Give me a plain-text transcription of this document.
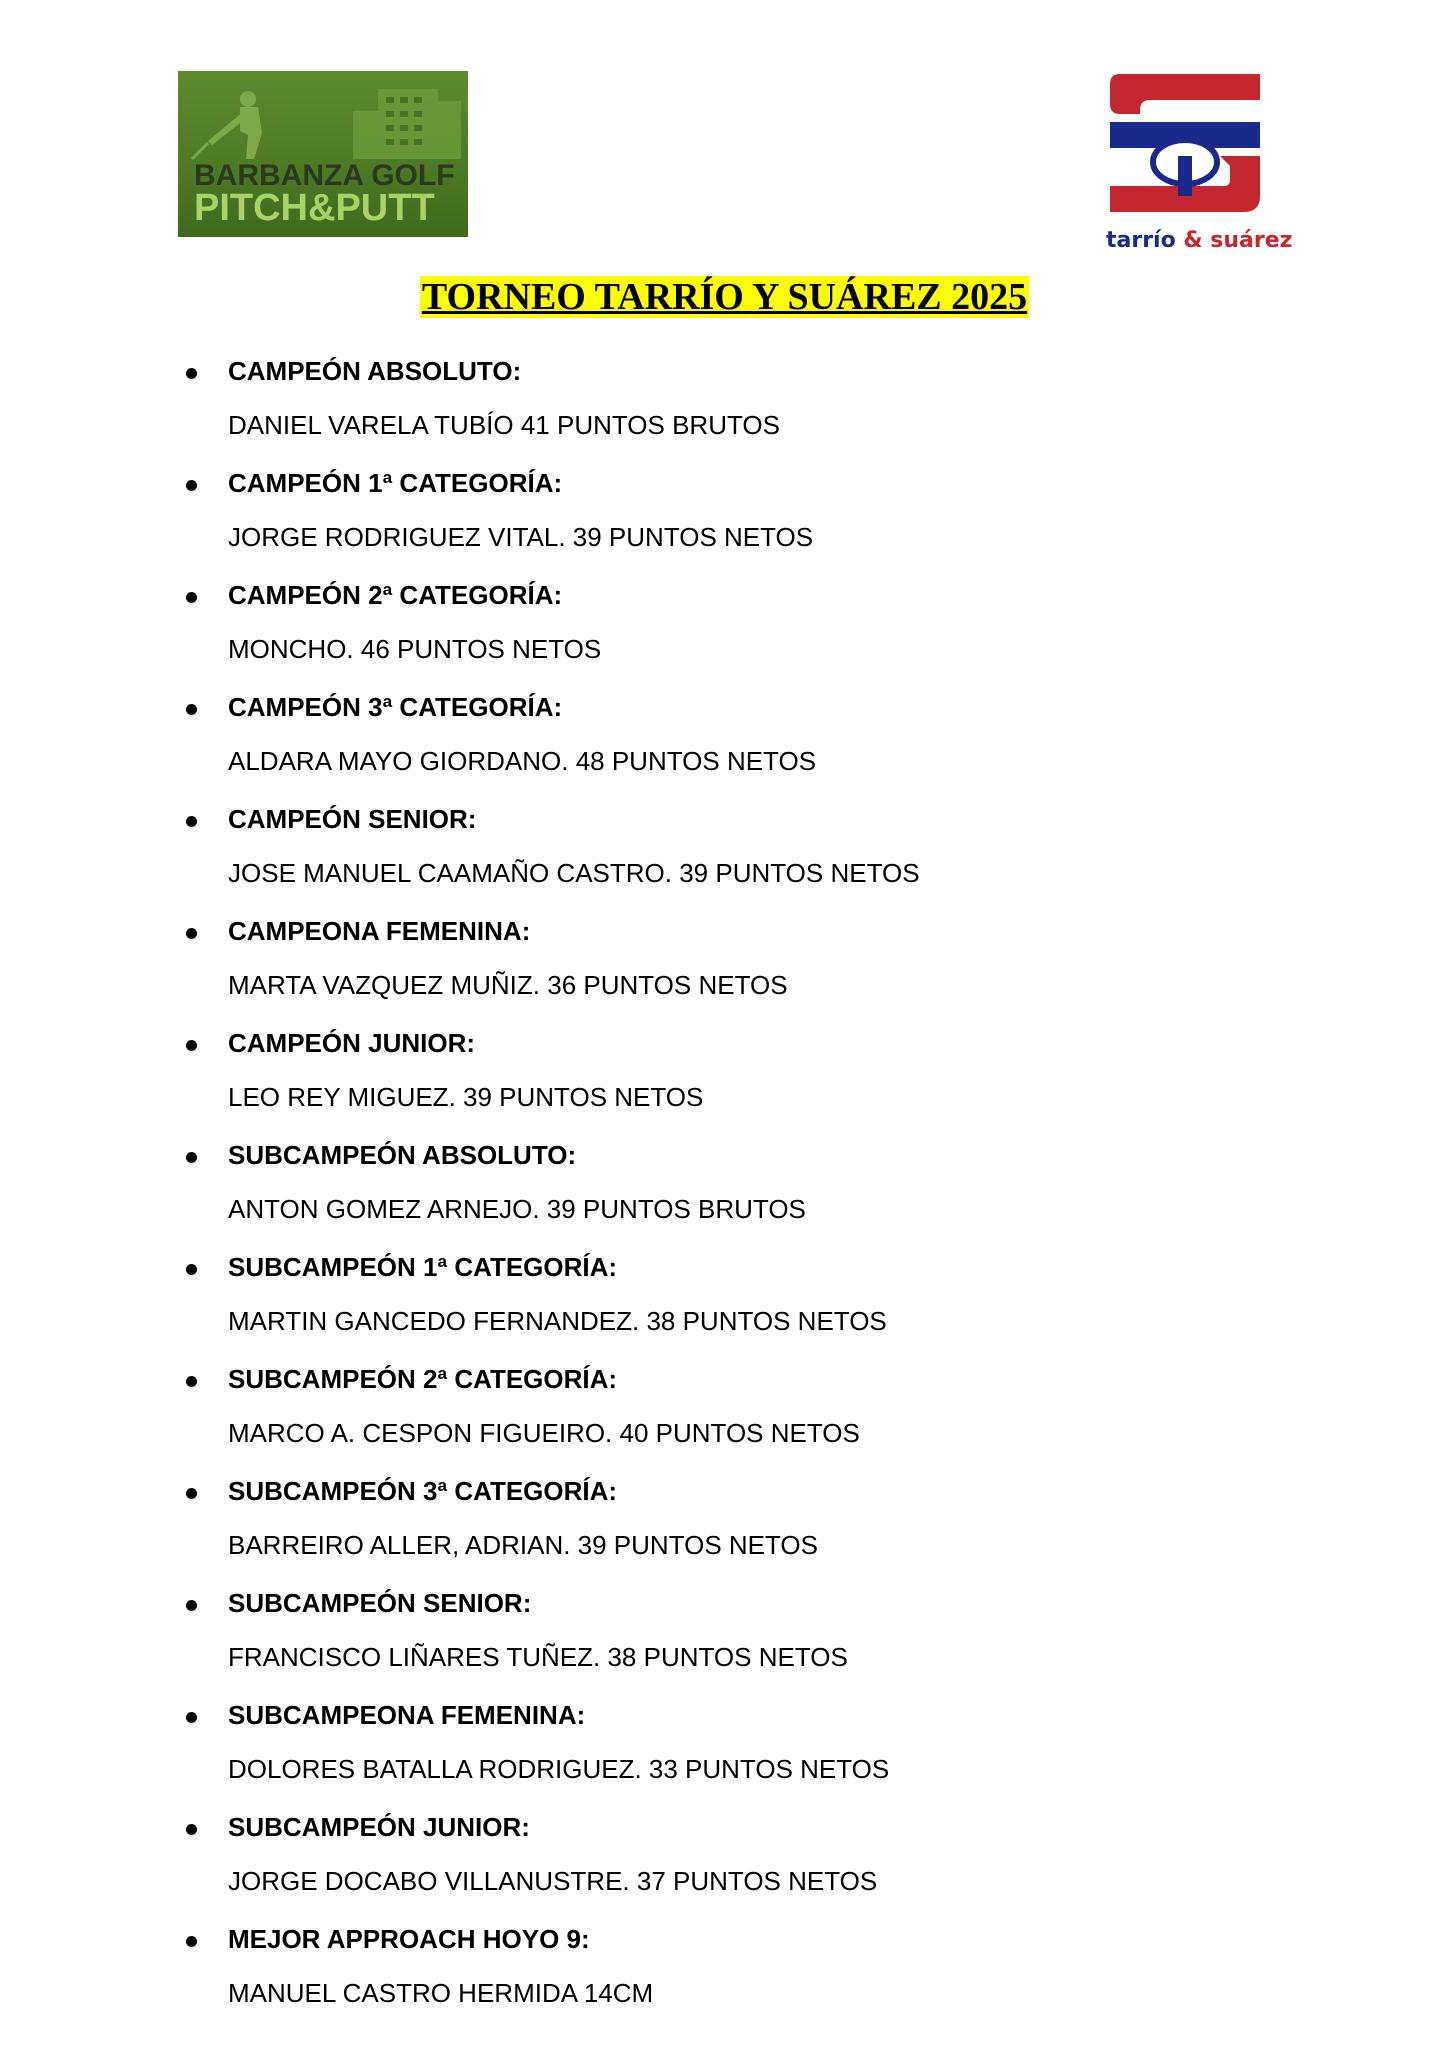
BARBANZA GOLF
PITCH&PUTT
tarrío & suárez
TORNEO TARRÍO Y SUÁREZ 2025
CAMPEÓN ABSOLUTO:
DANIEL VARELA TUBÍO 41 PUNTOS BRUTOS
CAMPEÓN 1ª CATEGORÍA:
JORGE RODRIGUEZ VITAL. 39 PUNTOS NETOS
CAMPEÓN 2ª CATEGORÍA:
MONCHO. 46 PUNTOS NETOS
CAMPEÓN 3ª CATEGORÍA:
ALDARA MAYO GIORDANO. 48 PUNTOS NETOS
CAMPEÓN SENIOR:
JOSE MANUEL CAAMAÑO CASTRO. 39 PUNTOS NETOS
CAMPEONA FEMENINA:
MARTA VAZQUEZ MUÑIZ. 36 PUNTOS NETOS
CAMPEÓN JUNIOR:
LEO REY MIGUEZ. 39 PUNTOS NETOS
SUBCAMPEÓN ABSOLUTO:
ANTON GOMEZ ARNEJO. 39 PUNTOS BRUTOS
SUBCAMPEÓN 1ª CATEGORÍA:
MARTIN GANCEDO FERNANDEZ. 38 PUNTOS NETOS
SUBCAMPEÓN 2ª CATEGORÍA:
MARCO A. CESPON FIGUEIRO. 40 PUNTOS NETOS
SUBCAMPEÓN 3ª CATEGORÍA:
BARREIRO ALLER, ADRIAN. 39 PUNTOS NETOS
SUBCAMPEÓN SENIOR:
FRANCISCO LIÑARES TUÑEZ. 38 PUNTOS NETOS
SUBCAMPEONA FEMENINA:
DOLORES BATALLA RODRIGUEZ. 33 PUNTOS NETOS
SUBCAMPEÓN JUNIOR:
JORGE DOCABO VILLANUSTRE. 37 PUNTOS NETOS
MEJOR APPROACH HOYO 9:
MANUEL CASTRO HERMIDA 14CM
